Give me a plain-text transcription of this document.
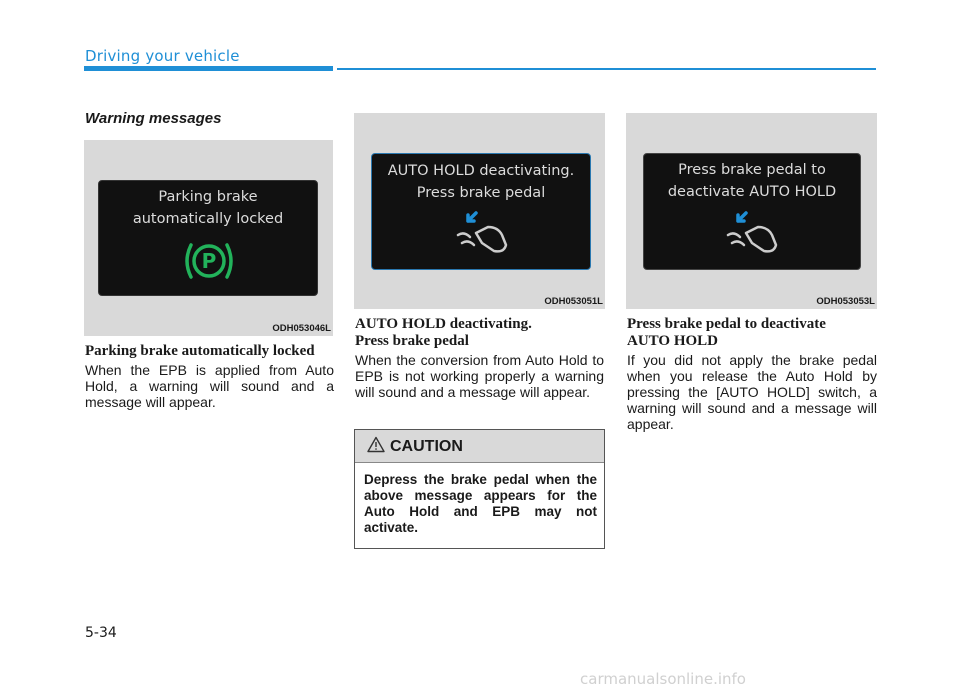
Driving your vehicle
Warning messages
Parking brake
automatically locked
P
ODH053046L
Parking brake automatically locked
When the EPB is applied from Auto Hold, a warning will sound and a message will appear.
AUTO HOLD deactivating.
Press brake pedal
ODH053051L
AUTO HOLD deactivating.
Press brake pedal
When the conversion from Auto Hold to EPB is not working properly a warning will sound and a message will appear.
Press brake pedal to
deactivate AUTO HOLD
ODH053053L
Press brake pedal to deactivate
AUTO HOLD
If you did not apply the brake pedal when you release the Auto Hold by pressing the [AUTO HOLD] switch, a warning will sound and a message will appear.
CAUTION
Depress the brake pedal when the above message appears for the Auto Hold and EPB may not activate.
5-34
carmanualsonline.info
